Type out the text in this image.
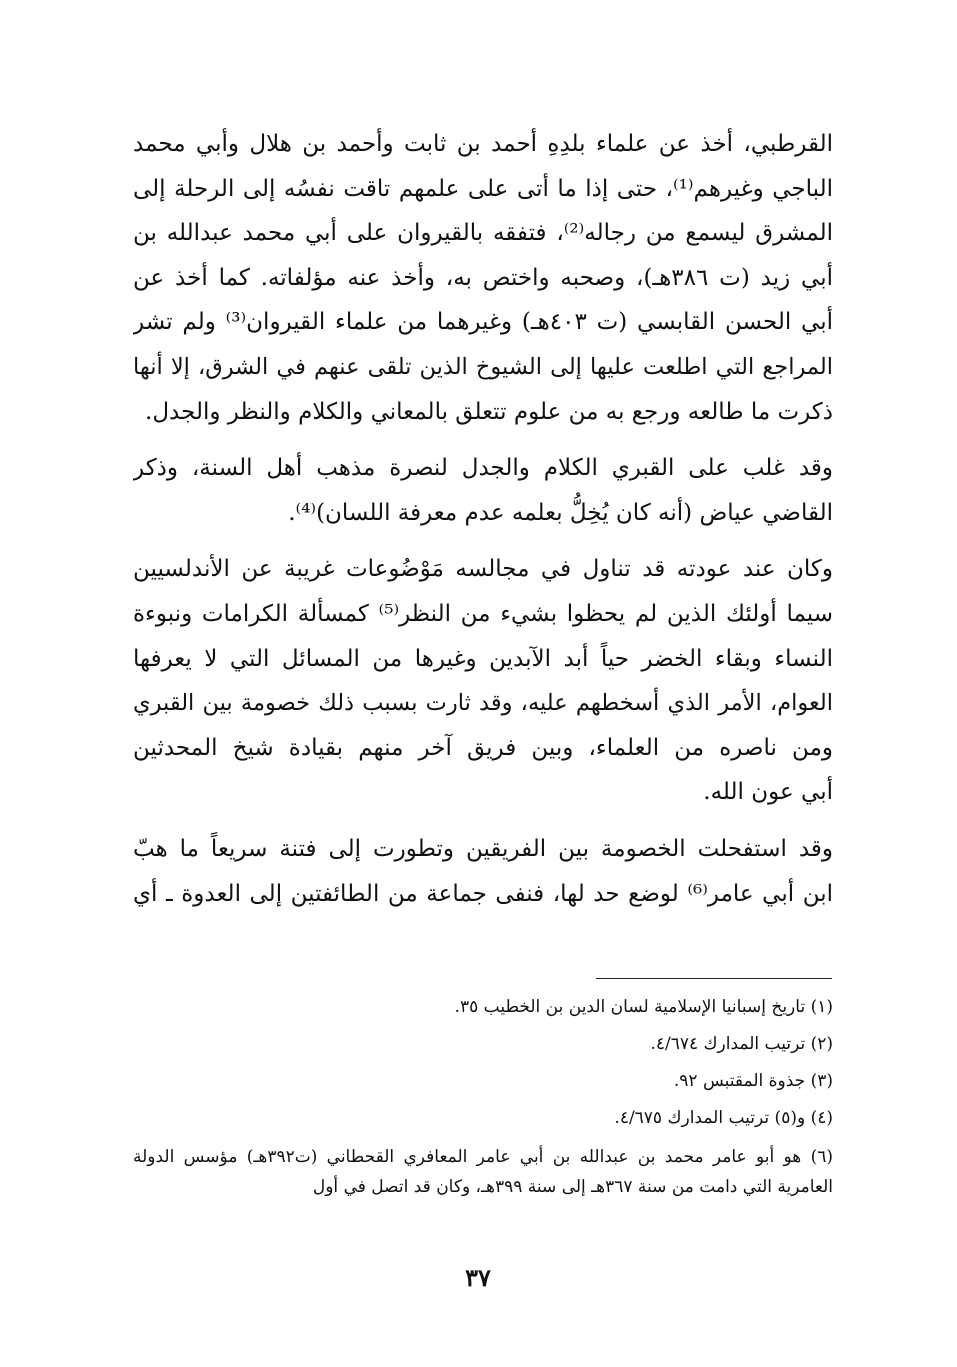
القرطبي، أخذ عن علماء بلدِهِ أحمد بن ثابت وأحمد بن هلال وأبي محمد
الباجي وغيرهم⁽¹⁾، حتى إذا ما أتى على علمهم تاقت نفسُه إلى الرحلة إلى
المشرق ليسمع من رجاله⁽²⁾، فتفقه بالقيروان على أبي محمد عبدالله بن
أبي زيد (ت ٣٨٦هـ)، وصحبه واختص به، وأخذ عنه مؤلفاته. كما أخذ عن
أبي الحسن القابسي (ت ٤٠٣هـ) وغيرهما من علماء القيروان⁽³⁾ ولم تشر
المراجع التي اطلعت عليها إلى الشيوخ الذين تلقى عنهم في الشرق، إلا أنها
ذكرت ما طالعه ورجع به من علوم تتعلق بالمعاني والكلام والنظر والجدل.
وقد غلب على القبري الكلام والجدل لنصرة مذهب أهل السنة، وذكر
القاضي عياض (أنه كان يُخِلُّ بعلمه عدم معرفة اللسان)⁽⁴⁾.
وكان عند عودته قد تناول في مجالسه مَوْضُوعات غريبة عن الأندلسيين
سيما أولئك الذين لم يحظوا بشيء من النظر⁽⁵⁾ كمسألة الكرامات ونبوءة
النساء وبقاء الخضر حياً أبد الآبدين وغيرها من المسائل التي لا يعرفها
العوام، الأمر الذي أسخطهم عليه، وقد ثارت بسبب ذلك خصومة بين القبري
ومن ناصره من العلماء، وبين فريق آخر منهم بقيادة شيخ المحدثين
أبي عون الله.
وقد استفحلت الخصومة بين الفريقين وتطورت إلى فتنة سريعاً ما هبّ
ابن أبي عامر⁽⁶⁾ لوضع حد لها، فنفى جماعة من الطائفتين إلى العدوة ـ أي
(١) تاريخ إسبانيا الإسلامية لسان الدين بن الخطيب ٣٥.
(٢) ترتيب المدارك ٤/٦٧٤.
(٣) جذوة المقتبس ٩٢.
(٤) و(٥) ترتيب المدارك ٤/٦٧٥.
(٦) هو أبو عامر محمد بن عبدالله بن أبي عامر المعافري القحطاني (ت٣٩٢هـ) مؤسس الدولة العامرية التي دامت من سنة ٣٦٧هـ إلى سنة ٣٩٩هـ، وكان قد اتصل في أول
٣٧
